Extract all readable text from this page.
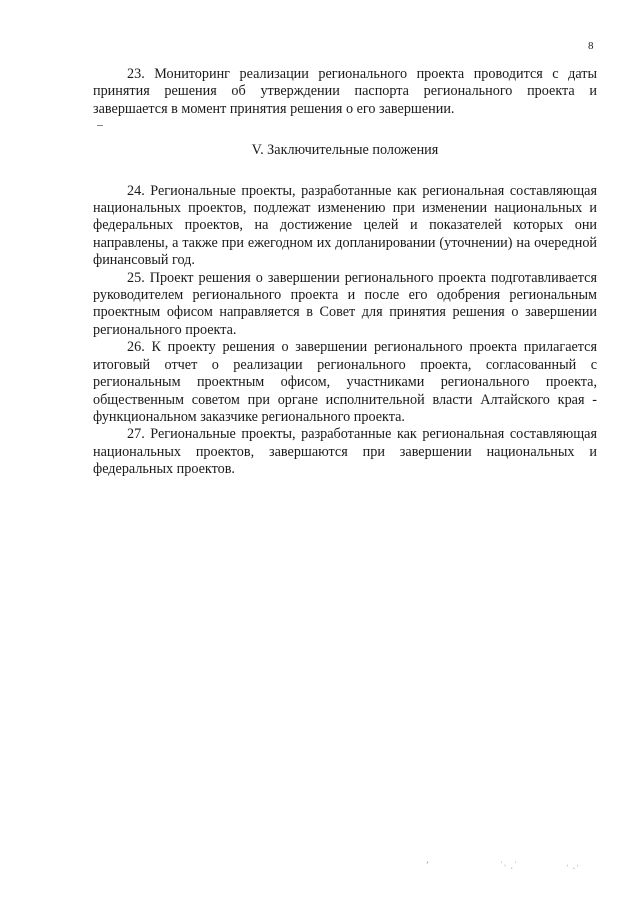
8

23. Мониторинг реализации регионального проекта проводится с даты принятия решения об утверждении паспорта регионального проекта и завершается в момент принятия решения о его завершении.

V. Заключительные положения

24. Региональные проекты, разработанные как региональная составляющая национальных проектов, подлежат изменению при изменении национальных и федеральных проектов, на достижение целей и показателей которых они направлены, а также при ежегодном их допланировании (уточнении) на очередной финансовый год.

25. Проект решения о завершении регионального проекта подготавливается руководителем регионального проекта и после его одобрения региональным проектным офисом направляется в Совет для принятия решения о завершении регионального проекта.

26. К проекту решения о завершении регионального проекта прилагается итоговый отчет о реализации регионального проекта, согласованный с региональным проектным офисом, участниками регионального проекта, общественным советом при органе исполнительной власти Алтайского края - функциональном заказчике регионального проекта.

27. Региональные проекты, разработанные как региональная составляющая национальных проектов, завершаются при завершении национальных и федеральных проектов.

ʼ	˙˒ ˏ˙	˒ ˏ˒
